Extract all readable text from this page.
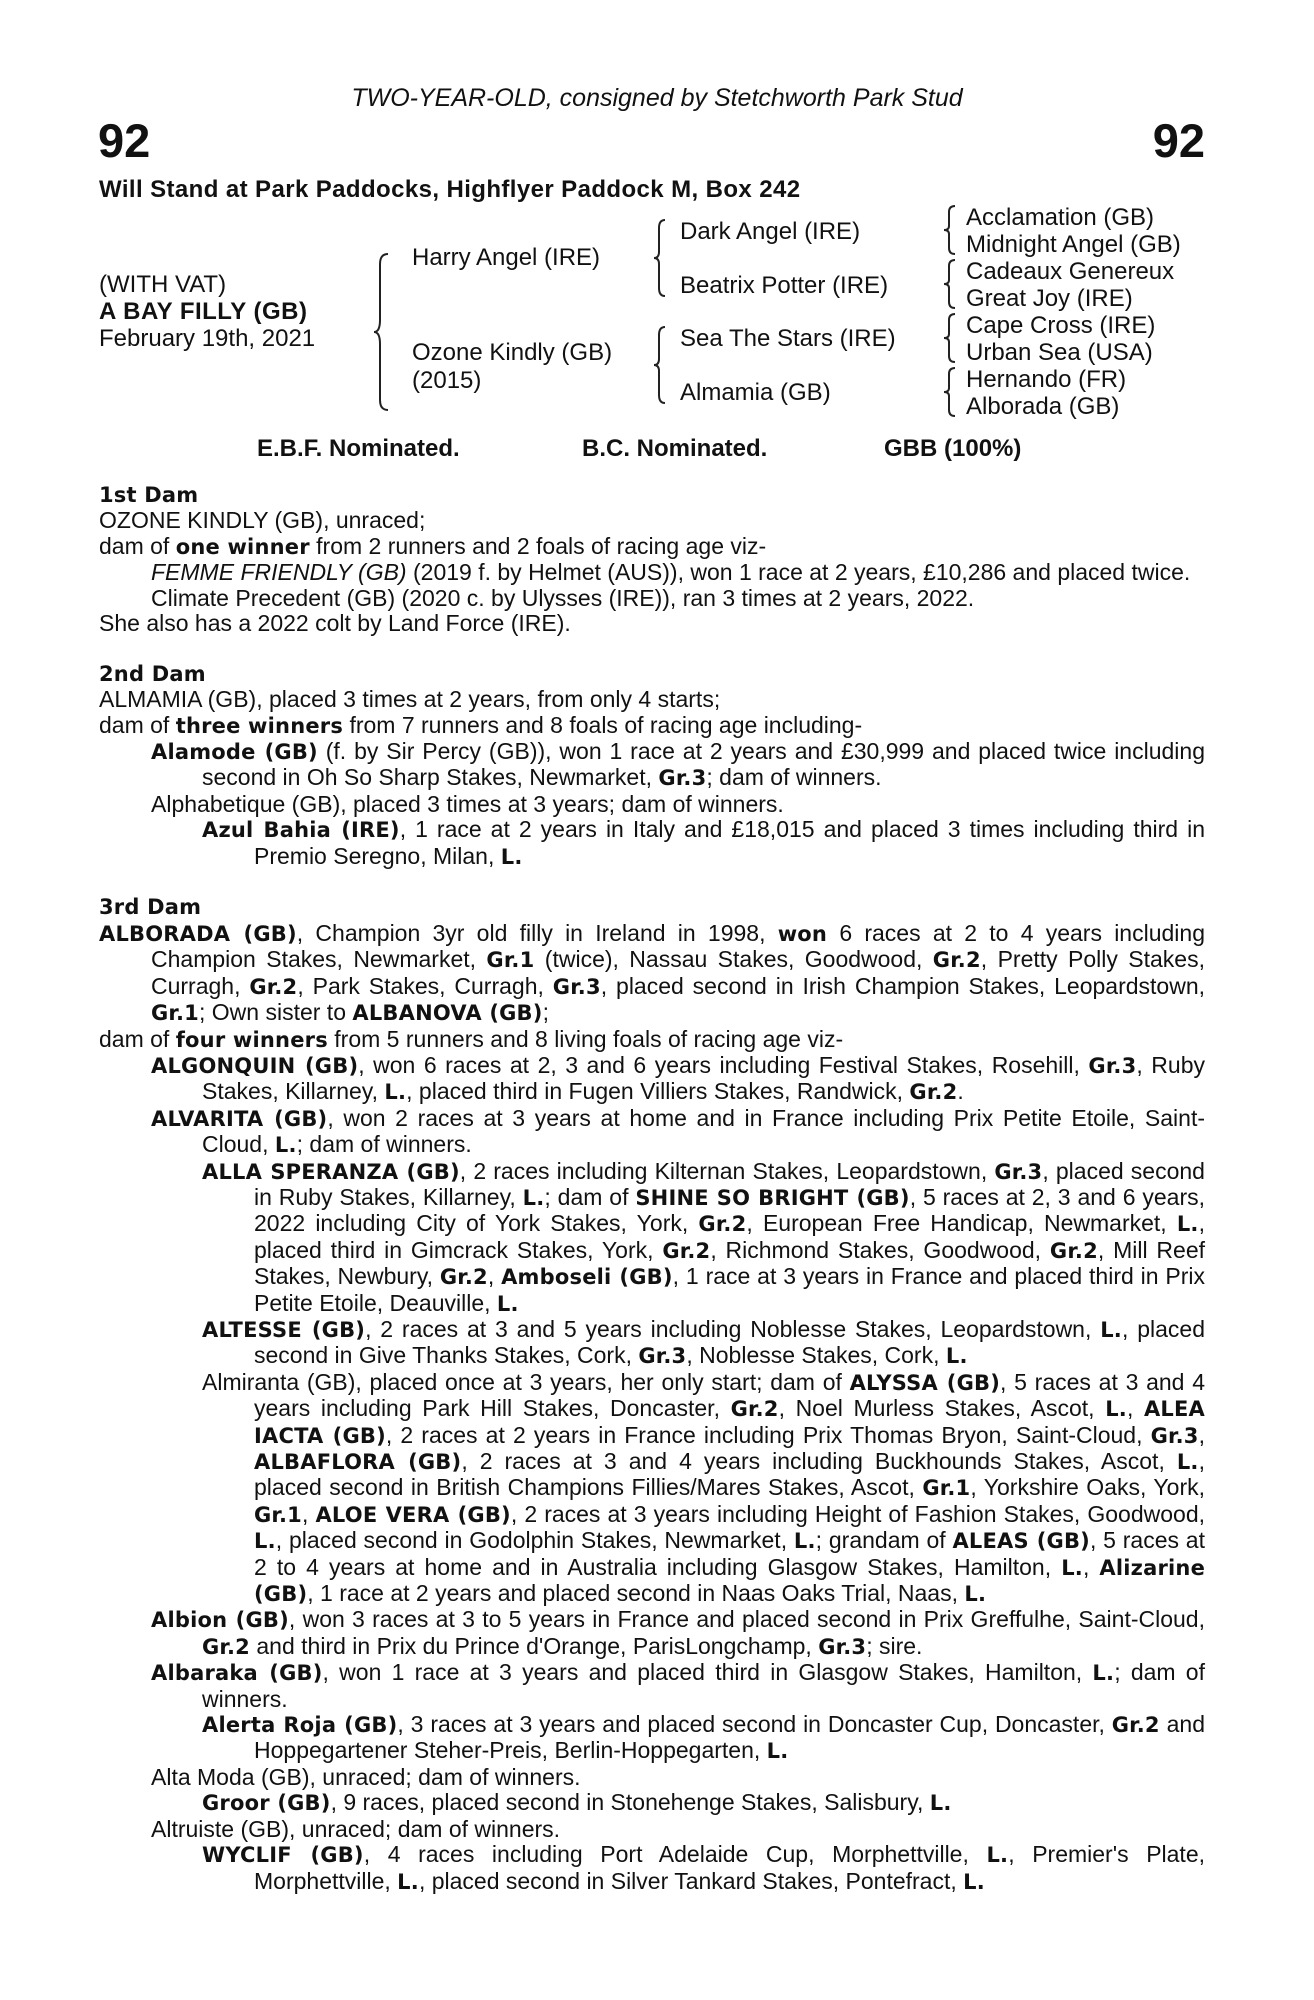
TWO-YEAR-OLD, consigned by Stetchworth Park Stud
92	92
Will Stand at Park Paddocks, Highflyer Paddock M, Box 242
(WITH VAT)
A BAY FILLY (GB)
February 19th, 2021
Harry Angel (IRE)
Ozone Kindly (GB)
(2015)
Dark Angel (IRE)
Beatrix Potter (IRE)
Sea The Stars (IRE)
Almamia (GB)
Acclamation (GB)
Midnight Angel (GB)
Cadeaux Genereux
Great Joy (IRE)
Cape Cross (IRE)
Urban Sea (USA)
Hernando (FR)
Alborada (GB)
E.B.F. Nominated.	B.C. Nominated.	GBB (100%)
1st Dam
OZONE KINDLY (GB), unraced;
dam of one winner from 2 runners and 2 foals of racing age viz-
FEMME FRIENDLY (GB) (2019 f. by Helmet (AUS)), won 1 race at 2 years, £10,286 and placed twice.
Climate Precedent (GB) (2020 c. by Ulysses (IRE)), ran 3 times at 2 years, 2022.
She also has a 2022 colt by Land Force (IRE).
2nd Dam
ALMAMIA (GB), placed 3 times at 2 years, from only 4 starts;
dam of three winners from 7 runners and 8 foals of racing age including-
Alamode (GB) (f. by Sir Percy (GB)), won 1 race at 2 years and £30,999 and placed twice including second in Oh So Sharp Stakes, Newmarket, Gr.3; dam of winners.
Alphabetique (GB), placed 3 times at 3 years; dam of winners.
Azul Bahia (IRE), 1 race at 2 years in Italy and £18,015 and placed 3 times including third in Premio Seregno, Milan, L.
3rd Dam
ALBORADA (GB), Champion 3yr old filly in Ireland in 1998, won 6 races at 2 to 4 years including Champion Stakes, Newmarket, Gr.1 (twice), Nassau Stakes, Goodwood, Gr.2, Pretty Polly Stakes, Curragh, Gr.2, Park Stakes, Curragh, Gr.3, placed second in Irish Champion Stakes, Leopardstown, Gr.1; Own sister to ALBANOVA (GB);
dam of four winners from 5 runners and 8 living foals of racing age viz-
ALGONQUIN (GB), won 6 races at 2, 3 and 6 years including Festival Stakes, Rosehill, Gr.3, Ruby Stakes, Killarney, L., placed third in Fugen Villiers Stakes, Randwick, Gr.2.
ALVARITA (GB), won 2 races at 3 years at home and in France including Prix Petite Etoile, Saint-Cloud, L.; dam of winners.
ALLA SPERANZA (GB), 2 races including Kilternan Stakes, Leopardstown, Gr.3, placed second in Ruby Stakes, Killarney, L.; dam of SHINE SO BRIGHT (GB), 5 races at 2, 3 and 6 years, 2022 including City of York Stakes, York, Gr.2, European Free Handicap, Newmarket, L., placed third in Gimcrack Stakes, York, Gr.2, Richmond Stakes, Goodwood, Gr.2, Mill Reef Stakes, Newbury, Gr.2, Amboseli (GB), 1 race at 3 years in France and placed third in Prix Petite Etoile, Deauville, L.
ALTESSE (GB), 2 races at 3 and 5 years including Noblesse Stakes, Leopardstown, L., placed second in Give Thanks Stakes, Cork, Gr.3, Noblesse Stakes, Cork, L.
Almiranta (GB), placed once at 3 years, her only start; dam of ALYSSA (GB), 5 races at 3 and 4 years including Park Hill Stakes, Doncaster, Gr.2, Noel Murless Stakes, Ascot, L., ALEA IACTA (GB), 2 races at 2 years in France including Prix Thomas Bryon, Saint-Cloud, Gr.3, ALBAFLORA (GB), 2 races at 3 and 4 years including Buckhounds Stakes, Ascot, L., placed second in British Champions Fillies/Mares Stakes, Ascot, Gr.1, Yorkshire Oaks, York, Gr.1, ALOE VERA (GB), 2 races at 3 years including Height of Fashion Stakes, Goodwood, L., placed second in Godolphin Stakes, Newmarket, L.; grandam of ALEAS (GB), 5 races at 2 to 4 years at home and in Australia including Glasgow Stakes, Hamilton, L., Alizarine (GB), 1 race at 2 years and placed second in Naas Oaks Trial, Naas, L.
Albion (GB), won 3 races at 3 to 5 years in France and placed second in Prix Greffulhe, Saint-Cloud, Gr.2 and third in Prix du Prince d'Orange, ParisLongchamp, Gr.3; sire.
Albaraka (GB), won 1 race at 3 years and placed third in Glasgow Stakes, Hamilton, L.; dam of winners.
Alerta Roja (GB), 3 races at 3 years and placed second in Doncaster Cup, Doncaster, Gr.2 and Hoppegartener Steher-Preis, Berlin-Hoppegarten, L.
Alta Moda (GB), unraced; dam of winners.
Groor (GB), 9 races, placed second in Stonehenge Stakes, Salisbury, L.
Altruiste (GB), unraced; dam of winners.
WYCLIF (GB), 4 races including Port Adelaide Cup, Morphettville, L., Premier's Plate, Morphettville, L., placed second in Silver Tankard Stakes, Pontefract, L.
